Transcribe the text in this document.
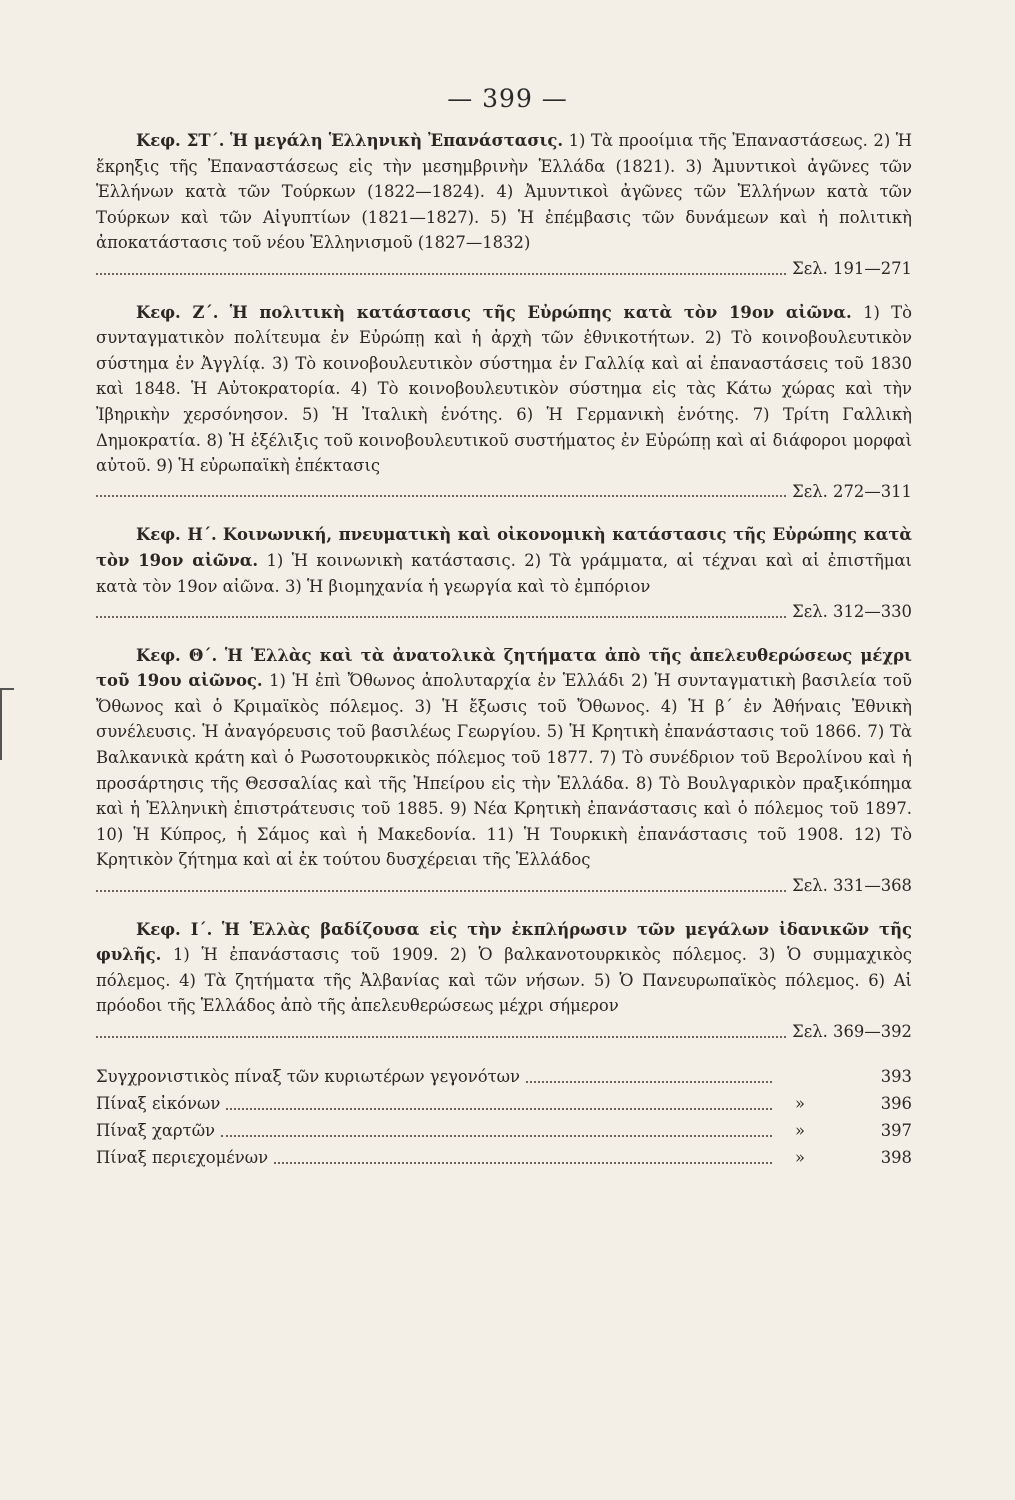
— 399 —

Κεφ. ΣΤ΄. Ἡ μεγάλη Ἑλληνικὴ Ἐπανάστασις. 1) Τὰ προοίμια τῆς Ἐπαναστάσεως. 2) Ἡ ἔκρηξις τῆς Ἐπαναστάσεως εἰς τὴν μεσημβρινὴν Ἑλλάδα (1821). 3) Ἀμυντικοὶ ἀγῶνες τῶν Ἑλλήνων κατὰ τῶν Τούρκων (1822—1824). 4) Ἀμυντικοὶ ἀγῶνες τῶν Ἑλλήνων κατὰ τῶν Τούρκων καὶ τῶν Αἰγυπτίων (1821—1827). 5) Ἡ ἐπέμβασις τῶν δυνάμεων καὶ ἡ πολιτικὴ ἀποκατάστασις τοῦ νέου Ἑλληνισμοῦ (1827—1832)

Σελ. 191—271

Κεφ. Ζ΄. Ἡ πολιτικὴ κατάστασις τῆς Εὐρώπης κατὰ τὸν 19ον αἰῶνα. 1) Τὸ συνταγματικὸν πολίτευμα ἐν Εὐρώπῃ καὶ ἡ ἀρχὴ τῶν ἐθνικοτήτων. 2) Τὸ κοινοβουλευτικὸν σύστημα ἐν Ἀγγλίᾳ. 3) Τὸ κοινοβουλευτικὸν σύστημα ἐν Γαλλίᾳ καὶ αἱ ἐπαναστάσεις τοῦ 1830 καὶ 1848. Ἡ Αὐτοκρατορία. 4) Τὸ κοινοβουλευτικὸν σύστημα εἰς τὰς Κάτω χώρας καὶ τὴν Ἰβηρικὴν χερσόνησον. 5) Ἡ Ἰταλικὴ ἑνότης. 6) Ἡ Γερμανικὴ ἑνότης. 7) Τρίτη Γαλλικὴ Δημοκρατία. 8) Ἡ ἐξέλιξις τοῦ κοινοβουλευτικοῦ συστήματος ἐν Εὐρώπῃ καὶ αἱ διάφοροι μορφαὶ αὐτοῦ. 9) Ἡ εὐρωπαϊκὴ ἐπέκτασις

Σελ. 272—311

Κεφ. Η΄. Κοινωνική, πνευματικὴ καὶ οἰκονομικὴ κατάστασις τῆς Εὐρώπης κατὰ τὸν 19ον αἰῶνα. 1) Ἡ κοινωνικὴ κατάστασις. 2) Τὰ γράμματα, αἱ τέχναι καὶ αἱ ἐπιστῆμαι κατὰ τὸν 19ον αἰῶνα. 3) Ἡ βιομηχανία ἡ γεωργία καὶ τὸ ἐμπόριον

Σελ. 312—330

Κεφ. Θ΄. Ἡ Ἑλλὰς καὶ τὰ ἀνατολικὰ ζητήματα ἀπὸ τῆς ἀπελευθερώσεως μέχρι τοῦ 19ου αἰῶνος. 1) Ἡ ἐπὶ Ὄθωνος ἀπολυταρχία ἐν Ἑλλάδι 2) Ἡ συνταγματικὴ βασιλεία τοῦ Ὄθωνος καὶ ὁ Κριμαϊκὸς πόλεμος. 3) Ἡ ἔξωσις τοῦ Ὄθωνος. 4) Ἡ β΄ ἐν Ἀθήναις Ἐθνικὴ συνέλευσις. Ἡ ἀναγόρευσις τοῦ βασιλέως Γεωργίου. 5) Ἡ Κρητικὴ ἐπανάστασις τοῦ 1866. 7) Τὰ Βαλκανικὰ κράτη καὶ ὁ Ρωσοτουρκικὸς πόλεμος τοῦ 1877. 7) Τὸ συνέδριον τοῦ Βερολίνου καὶ ἡ προσάρτησις τῆς Θεσσαλίας καὶ τῆς Ἠπείρου εἰς τὴν Ἑλλάδα. 8) Τὸ Βουλγαρικὸν πραξικόπημα καὶ ἡ Ἑλληνικὴ ἐπιστράτευσις τοῦ 1885. 9) Νέα Κρητικὴ ἐπανάστασις καὶ ὁ πόλεμος τοῦ 1897. 10) Ἡ Κύπρος, ἡ Σάμος καὶ ἡ Μακεδονία. 11) Ἡ Τουρκικὴ ἐπανάστασις τοῦ 1908. 12) Τὸ Κρητικὸν ζήτημα καὶ αἱ ἐκ τούτου δυσχέρειαι τῆς Ἑλλάδος

Σελ. 331—368

Κεφ. Ι΄. Ἡ Ἑλλὰς βαδίζουσα εἰς τὴν ἐκπλήρωσιν τῶν μεγάλων ἰδανικῶν τῆς φυλῆς. 1) Ἡ ἐπανάστασις τοῦ 1909. 2) Ὁ βαλκανοτουρκικὸς πόλεμος. 3) Ὁ συμμαχικὸς πόλεμος. 4) Τὰ ζητήματα τῆς Ἀλβανίας καὶ τῶν νήσων. 5) Ὁ Πανευρωπαϊκὸς πόλεμος. 6) Αἱ πρόοδοι τῆς Ἑλλάδος ἀπὸ τῆς ἀπελευθερώσεως μέχρι σήμερον

Σελ. 369—392
Συγχρονιστικὸς πίναξ τῶν κυριωτέρων γεγονότων	393
Πίναξ εἰκόνων	»	396
Πίναξ χαρτῶν	»	397
Πίναξ περιεχομένων	»	398
